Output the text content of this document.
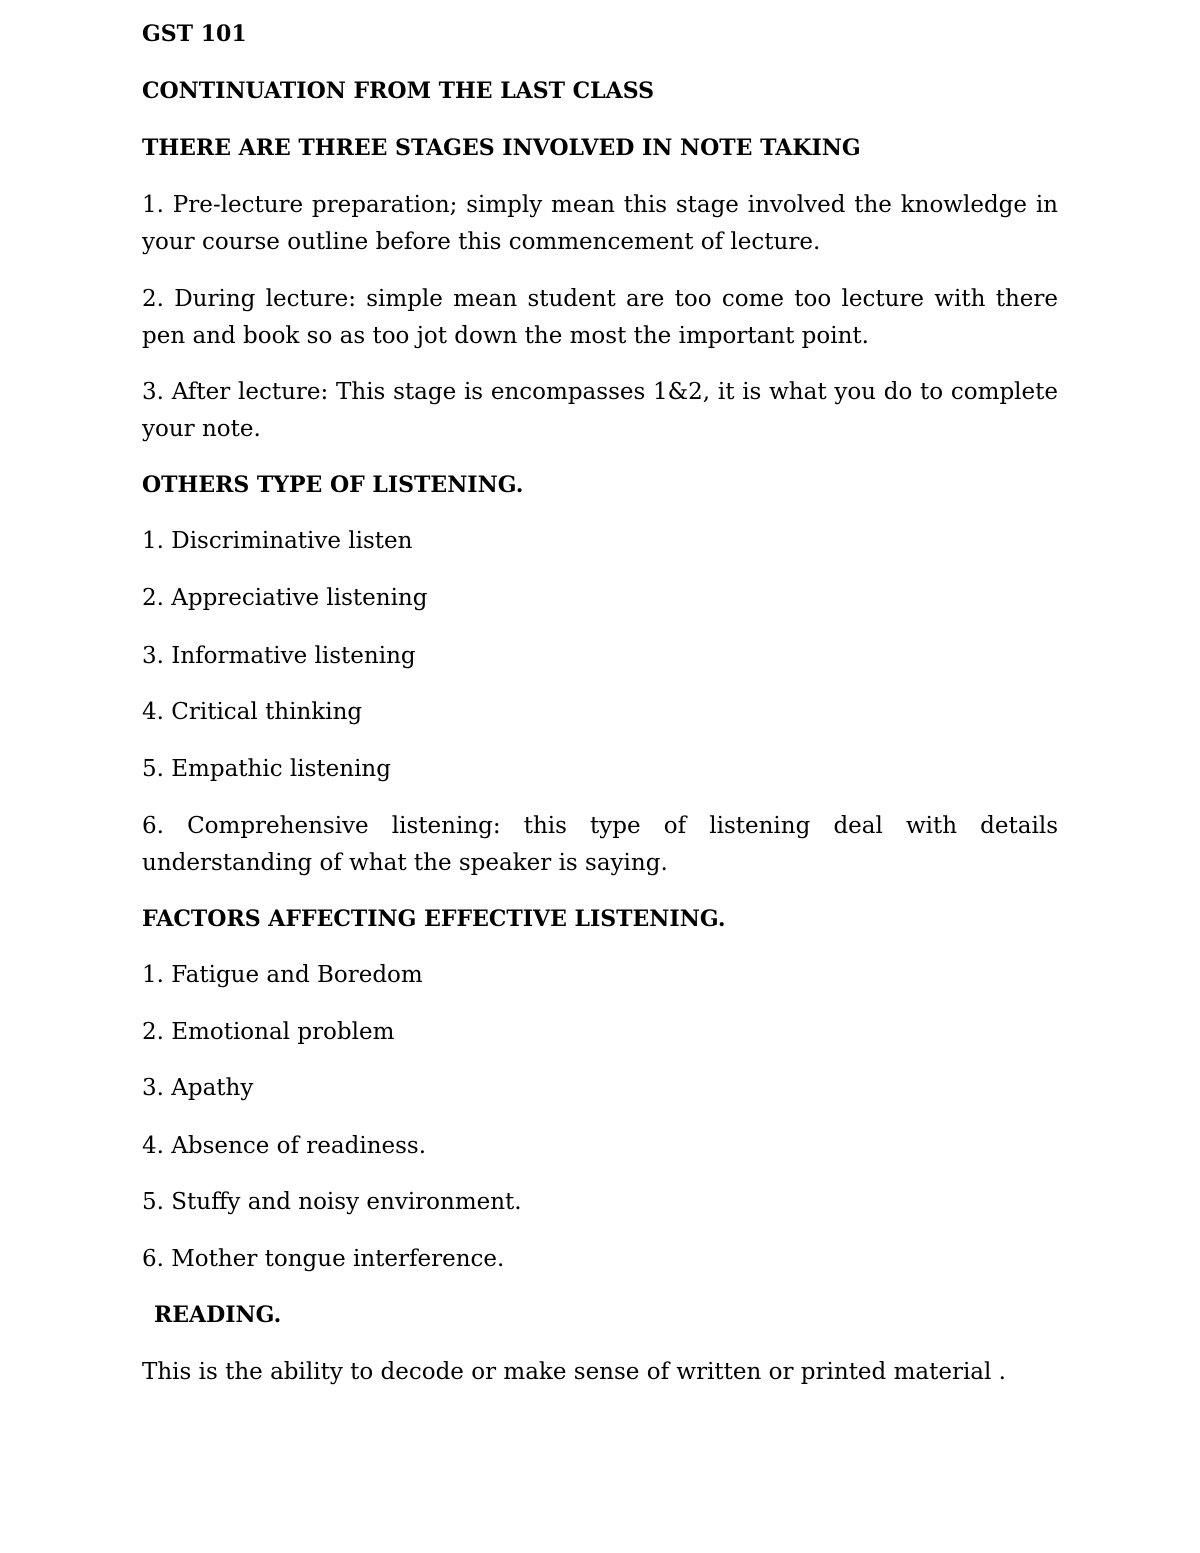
GST 101
CONTINUATION FROM THE LAST CLASS
THERE ARE THREE STAGES INVOLVED IN NOTE TAKING
1. Pre-lecture preparation; simply mean this stage involved the knowledge in
your course outline before this commencement of lecture.
2. During lecture: simple mean student are too come too lecture with there
pen and book so as too jot down the most the important point.
3. After lecture: This stage is encompasses 1&2, it is what you do to complete
your note.
OTHERS TYPE OF LISTENING.
1. Discriminative listen
2. Appreciative listening
3. Informative listening
4. Critical thinking
5. Empathic listening
6. Comprehensive listening: this type of listening deal with details
understanding of what the speaker is saying.
FACTORS AFFECTING EFFECTIVE LISTENING.
1. Fatigue and Boredom
2. Emotional problem
3. Apathy
4. Absence of readiness.
5. Stuffy and noisy environment.
6. Mother tongue interference.
READING.
This is the ability to decode or make sense of written or printed material .
